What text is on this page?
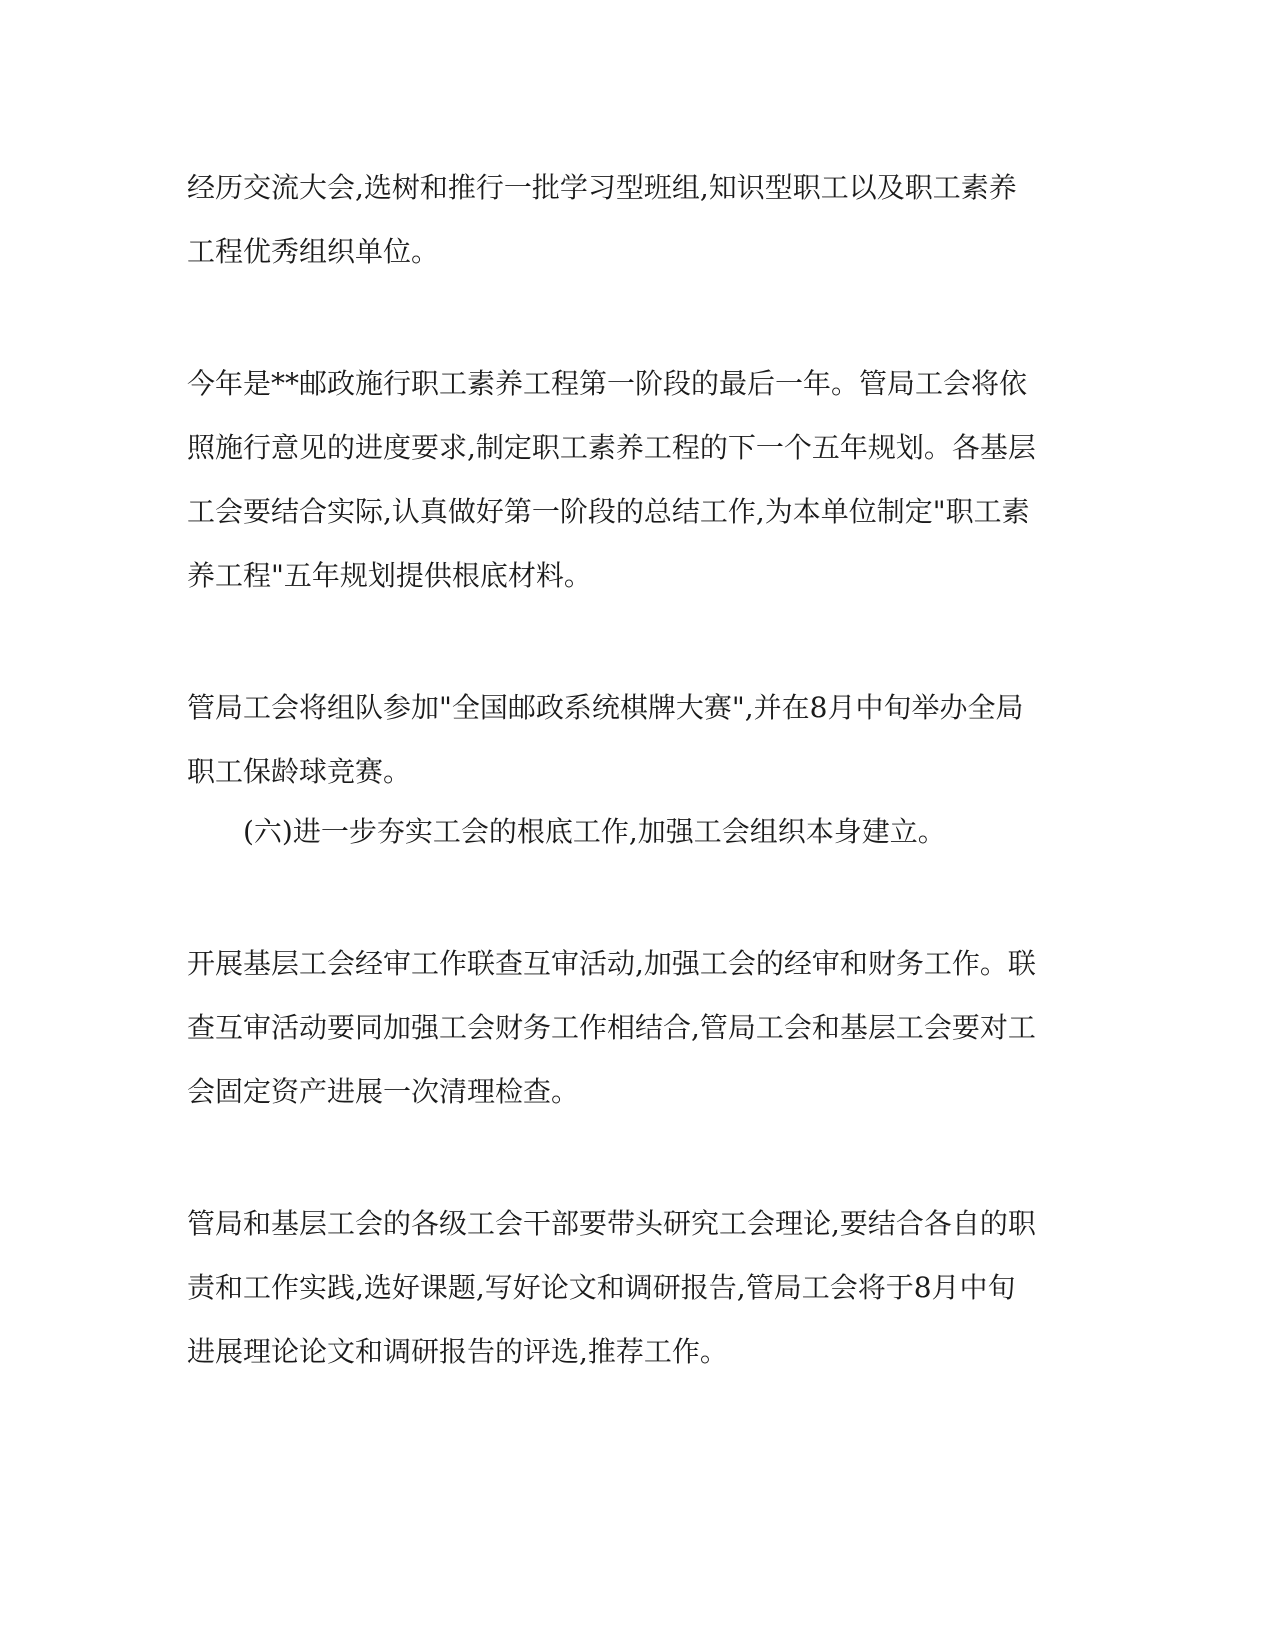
经历交流大会,选树和推行一批学习型班组,知识型职工以及职工素养
工程优秀组织单位。
今年是**邮政施行职工素养工程第一阶段的最后一年。管局工会将依
照施行意见的进度要求,制定职工素养工程的下一个五年规划。各基层
工会要结合实际,认真做好第一阶段的总结工作,为本单位制定"职工素
养工程"五年规划提供根底材料。
管局工会将组队参加"全国邮政系统棋牌大赛",并在8月中旬举办全局
职工保龄球竞赛。
(六)进一步夯实工会的根底工作,加强工会组织本身建立。
开展基层工会经审工作联查互审活动,加强工会的经审和财务工作。联
查互审活动要同加强工会财务工作相结合,管局工会和基层工会要对工
会固定资产进展一次清理检查。
管局和基层工会的各级工会干部要带头研究工会理论,要结合各自的职
责和工作实践,选好课题,写好论文和调研报告,管局工会将于8月中旬
进展理论论文和调研报告的评选,推荐工作。
